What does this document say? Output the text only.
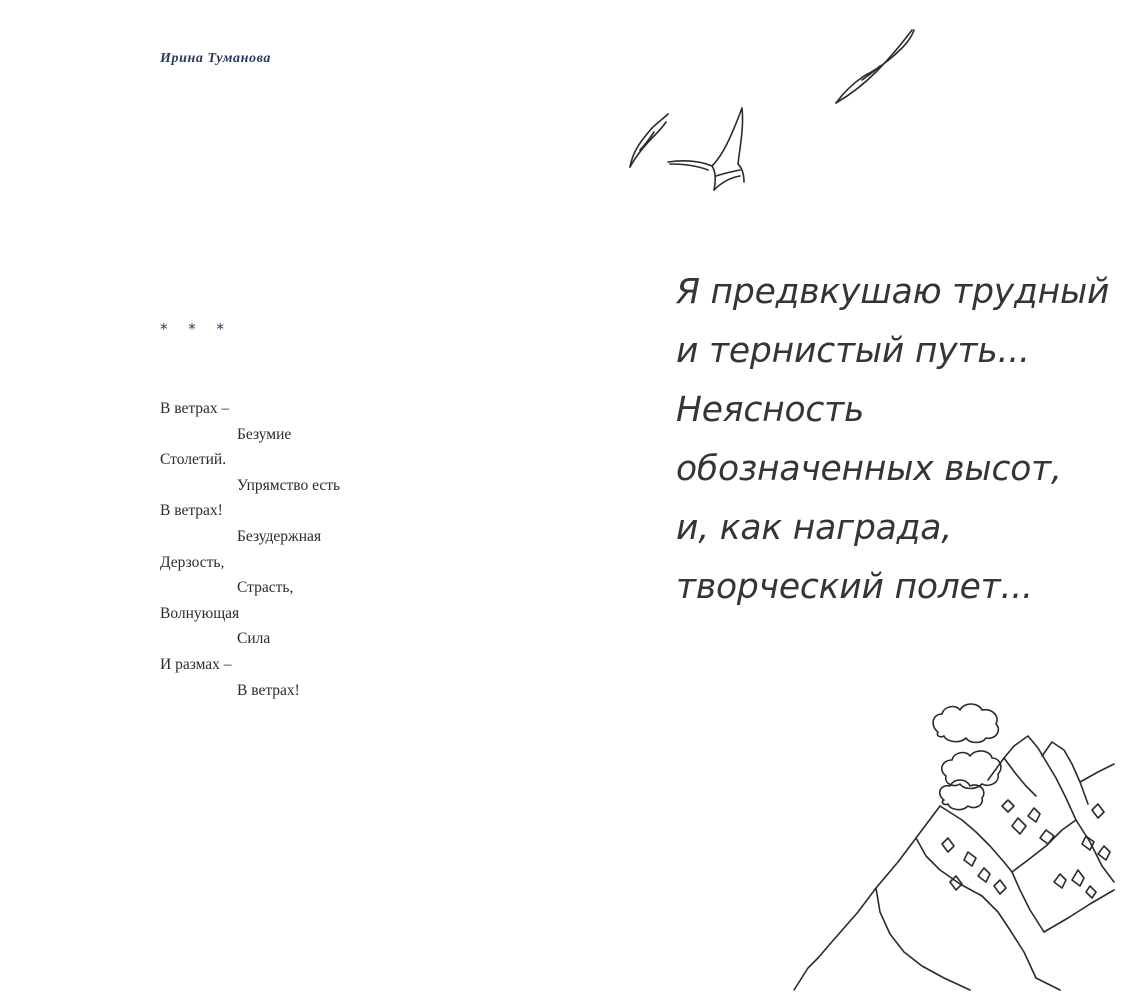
Ирина Туманова
* * *
В ветрах –
Безумие
Столетий.
Упрямство есть
В ветрах!
Безудержная
Дерзость,
Страсть,
Волнующая
Сила
И размах –
В ветрах!
Я предвкушаю трудный
и тернистый путь...
Неясность
обозначенных высот,
и, как награда,
творческий полет...
